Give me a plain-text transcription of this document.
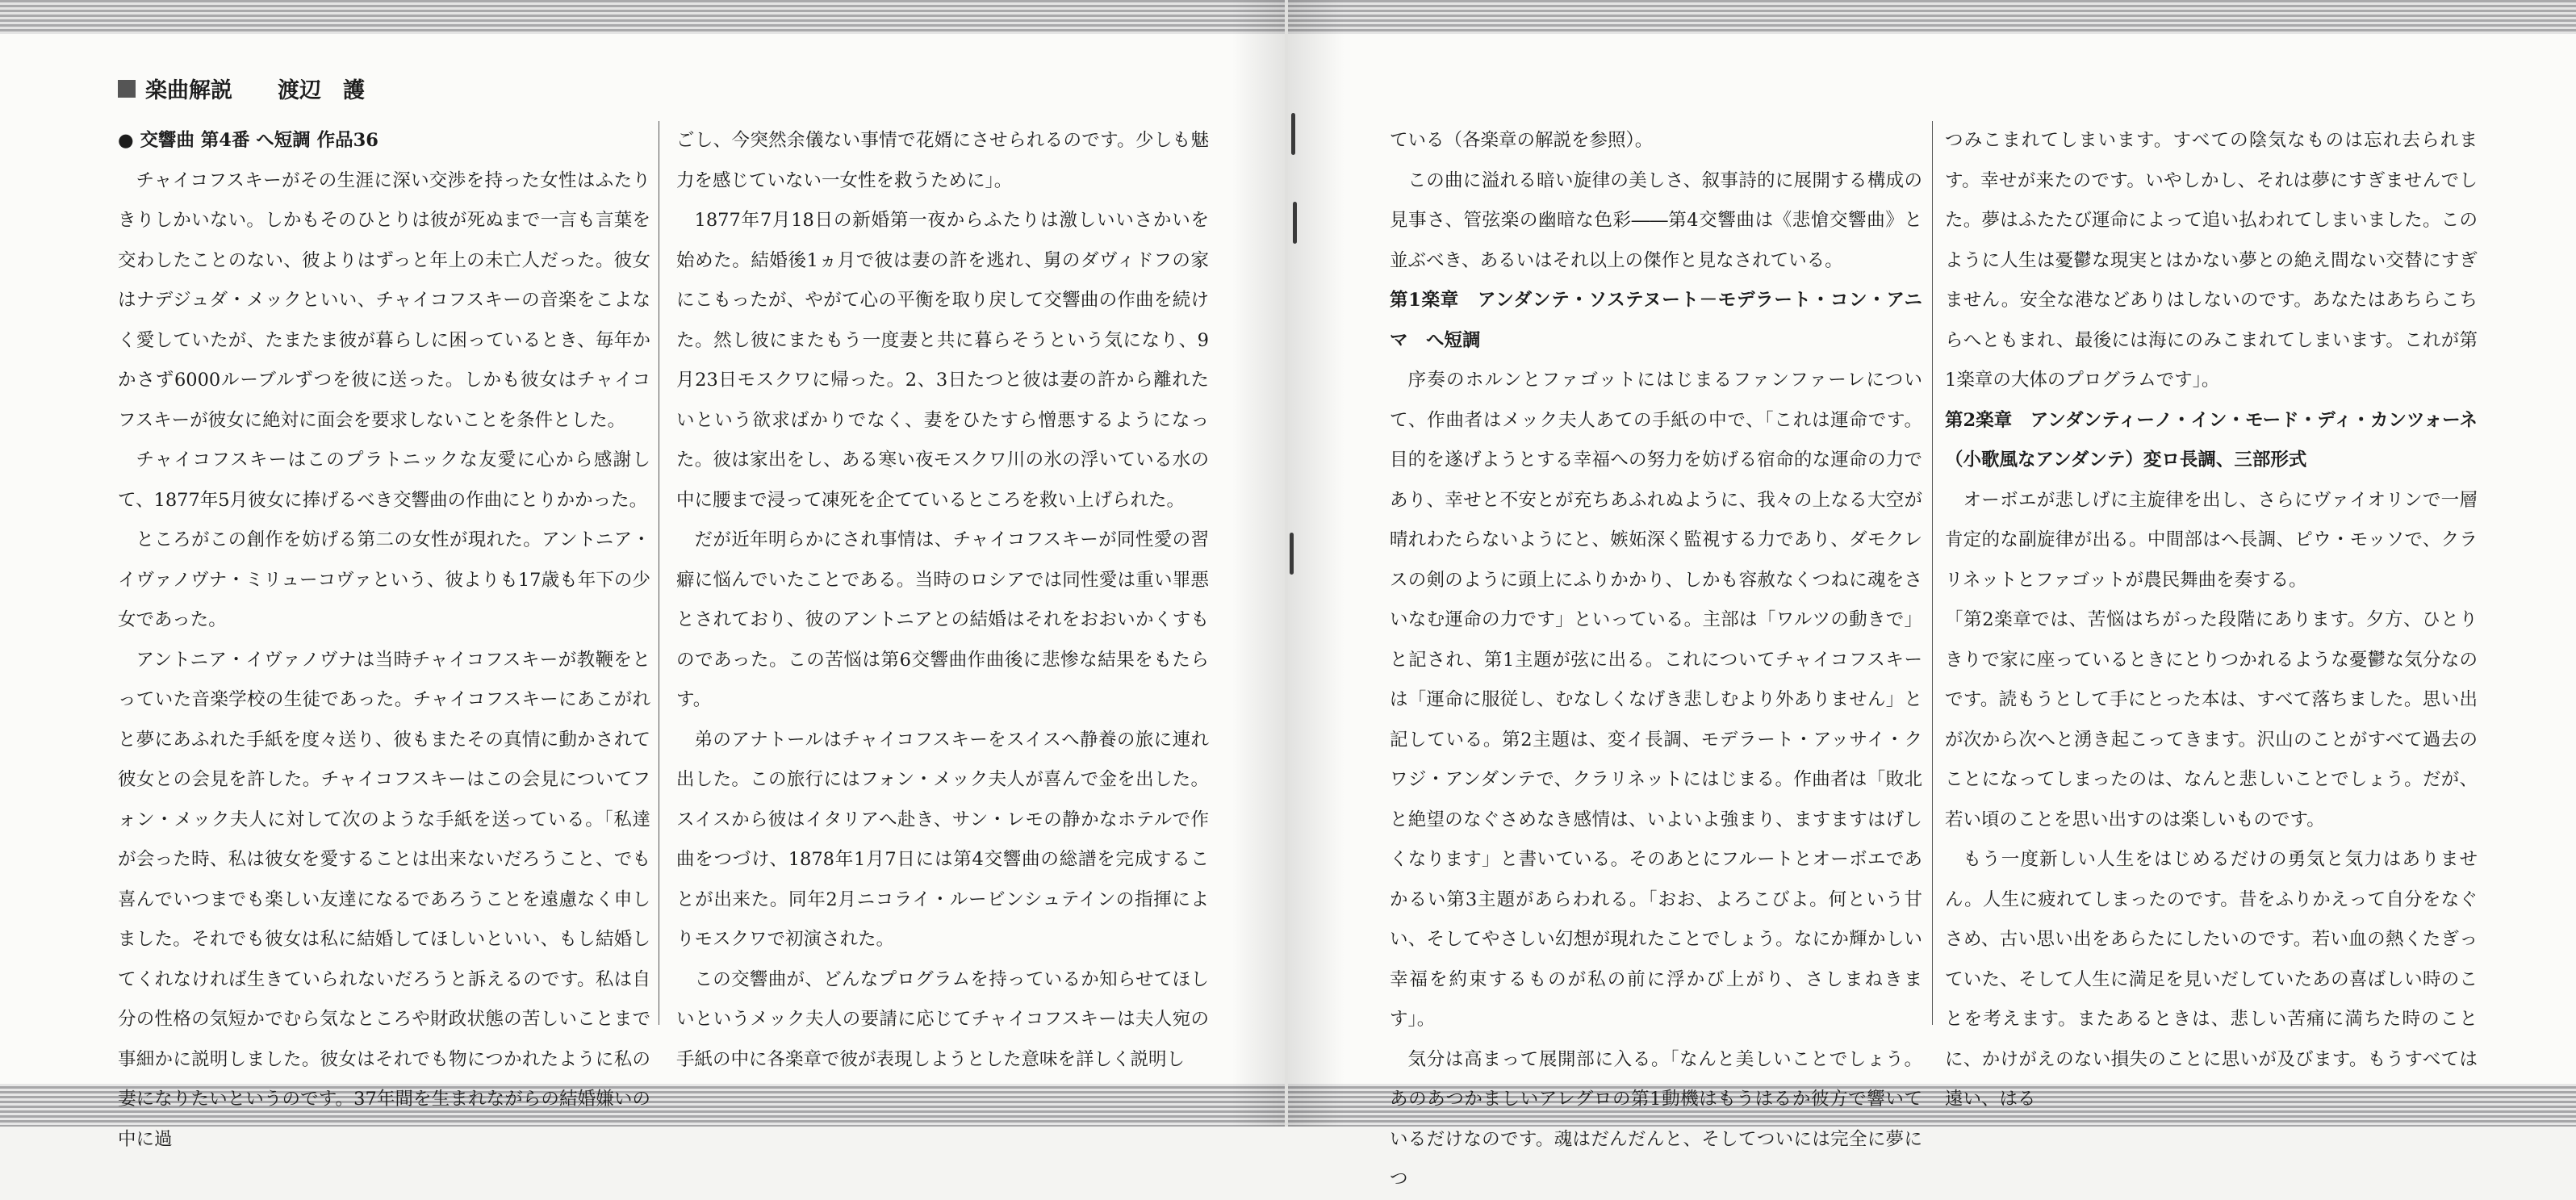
楽曲解説 渡辺　護

● 交響曲 第4番 へ短調 作品36

チャイコフスキーがその生涯に深い交渉を持った女性はふたりきりしかいない。しかもそのひとりは彼が死ぬまで一言も言葉を交わしたことのない、彼よりはずっと年上の未亡人だった。彼女はナデジュダ・メックといい、チャイコフスキーの音楽をこよなく愛していたが、たまたま彼が暮らしに困っているとき、毎年かかさず6000ルーブルずつを彼に送った。しかも彼女はチャイコフスキーが彼女に絶対に面会を要求しないことを条件とした。

チャイコフスキーはこのプラトニックな友愛に心から感謝して、1877年5月彼女に捧げるべき交響曲の作曲にとりかかった。

ところがこの創作を妨げる第二の女性が現れた。アントニア・イヴァノヴナ・ミリューコヴァという、彼よりも17歳も年下の少女であった。

アントニア・イヴァノヴナは当時チャイコフスキーが教鞭をとっていた音楽学校の生徒であった。チャイコフスキーにあこがれと夢にあふれた手紙を度々送り、彼もまたその真情に動かされて彼女との会見を許した。チャイコフスキーはこの会見についてフォン・メック夫人に対して次のような手紙を送っている。「私達が会った時、私は彼女を愛することは出来ないだろうこと、でも喜んでいつまでも楽しい友達になるであろうことを遠慮なく申しました。それでも彼女は私に結婚してほしいといい、もし結婚してくれなければ生きていられないだろうと訴えるのです。私は自分の性格の気短かでむら気なところや財政状態の苦しいことまで事細かに説明しました。彼女はそれでも物につかれたように私の妻になりたいというのです。37年間を生まれながらの結婚嫌いの中に過

ごし、今突然余儀ない事情で花婿にさせられるのです。少しも魅力を感じていない一女性を救うために」。

1877年7月18日の新婚第一夜からふたりは激しいいさかいを始めた。結婚後1ヵ月で彼は妻の許を逃れ、舅のダヴィドフの家にこもったが、やがて心の平衡を取り戻して交響曲の作曲を続けた。然し彼にまたもう一度妻と共に暮らそうという気になり、9月23日モスクワに帰った。2、3日たつと彼は妻の許から離れたいという欲求ばかりでなく、妻をひたすら憎悪するようになった。彼は家出をし、ある寒い夜モスクワ川の氷の浮いている水の中に腰まで浸って凍死を企てているところを救い上げられた。

だが近年明らかにされ事情は、チャイコフスキーが同性愛の習癖に悩んでいたことである。当時のロシアでは同性愛は重い罪悪とされており、彼のアントニアとの結婚はそれをおおいかくすものであった。この苦悩は第6交響曲作曲後に悲惨な結果をもたらす。

弟のアナトールはチャイコフスキーをスイスへ静養の旅に連れ出した。この旅行にはフォン・メック夫人が喜んで金を出した。スイスから彼はイタリアへ赴き、サン・レモの静かなホテルで作曲をつづけ、1878年1月7日には第4交響曲の総譜を完成することが出来た。同年2月ニコライ・ルービンシュテインの指揮によりモスクワで初演された。

この交響曲が、どんなプログラムを持っているか知らせてほしいというメック夫人の要請に応じてチャイコフスキーは夫人宛の手紙の中に各楽章で彼が表現しようとした意味を詳しく説明し

ている（各楽章の解説を参照）。

この曲に溢れる暗い旋律の美しさ、叙事詩的に展開する構成の見事さ、管弦楽の幽暗な色彩――第4交響曲は《悲愴交響曲》と並ぶべき、あるいはそれ以上の傑作と見なされている。

第1楽章　アンダンテ・ソステヌート－モデラート・コン・アニマ　へ短調

序奏のホルンとファゴットにはじまるファンファーレについて、作曲者はメック夫人あての手紙の中で、「これは運命です。目的を遂げようとする幸福への努力を妨げる宿命的な運命の力であり、幸せと不安とが充ちあふれぬように、我々の上なる大空が晴れわたらないようにと、嫉妬深く監視する力であり、ダモクレスの剣のように頭上にふりかかり、しかも容赦なくつねに魂をさいなむ運命の力です」といっている。主部は「ワルツの動きで」と記され、第1主題が弦に出る。これについてチャイコフスキーは「運命に服従し、むなしくなげき悲しむより外ありません」と記している。第2主題は、変イ長調、モデラート・アッサイ・クワジ・アンダンテで、クラリネットにはじまる。作曲者は「敗北と絶望のなぐさめなき感情は、いよいよ強まり、ますますはげしくなります」と書いている。そのあとにフルートとオーボエであかるい第3主題があらわれる。「おお、よろこびよ。何という甘い、そしてやさしい幻想が現れたことでしょう。なにか輝かしい幸福を約束するものが私の前に浮かび上がり、さしまねきます」。

気分は高まって展開部に入る。「なんと美しいことでしょう。あのあつかましいアレグロの第1動機はもうはるか彼方で響いているだけなのです。魂はだんだんと、そしてついには完全に夢につ

つみこまれてしまいます。すべての陰気なものは忘れ去られます。幸せが来たのです。いやしかし、それは夢にすぎませんでした。夢はふたたび運命によって追い払われてしまいました。このように人生は憂鬱な現実とはかない夢との絶え間ない交替にすぎません。安全な港などありはしないのです。あなたはあちらこちらへともまれ、最後には海にのみこまれてしまいます。これが第1楽章の大体のプログラムです」。

第2楽章　アンダンティーノ・イン・モード・ディ・カンツォーネ（小歌風なアンダンテ）変ロ長調、三部形式

オーボエが悲しげに主旋律を出し、さらにヴァイオリンで一層肯定的な副旋律が出る。中間部はへ長調、ピウ・モッソで、クラリネットとファゴットが農民舞曲を奏する。

「第2楽章では、苦悩はちがった段階にあります。夕方、ひとりきりで家に座っているときにとりつかれるような憂鬱な気分なのです。読もうとして手にとった本は、すべて落ちました。思い出が次から次へと湧き起こってきます。沢山のことがすべて過去のことになってしまったのは、なんと悲しいことでしょう。だが、若い頃のことを思い出すのは楽しいものです。

もう一度新しい人生をはじめるだけの勇気と気力はありません。人生に疲れてしまったのです。昔をふりかえって自分をなぐさめ、古い思い出をあらたにしたいのです。若い血の熱くたぎっていた、そして人生に満足を見いだしていたあの喜ばしい時のことを考えます。またあるときは、悲しい苦痛に満ちた時のことに、かけがえのない損失のことに思いが及びます。もうすべては遠い、はる
